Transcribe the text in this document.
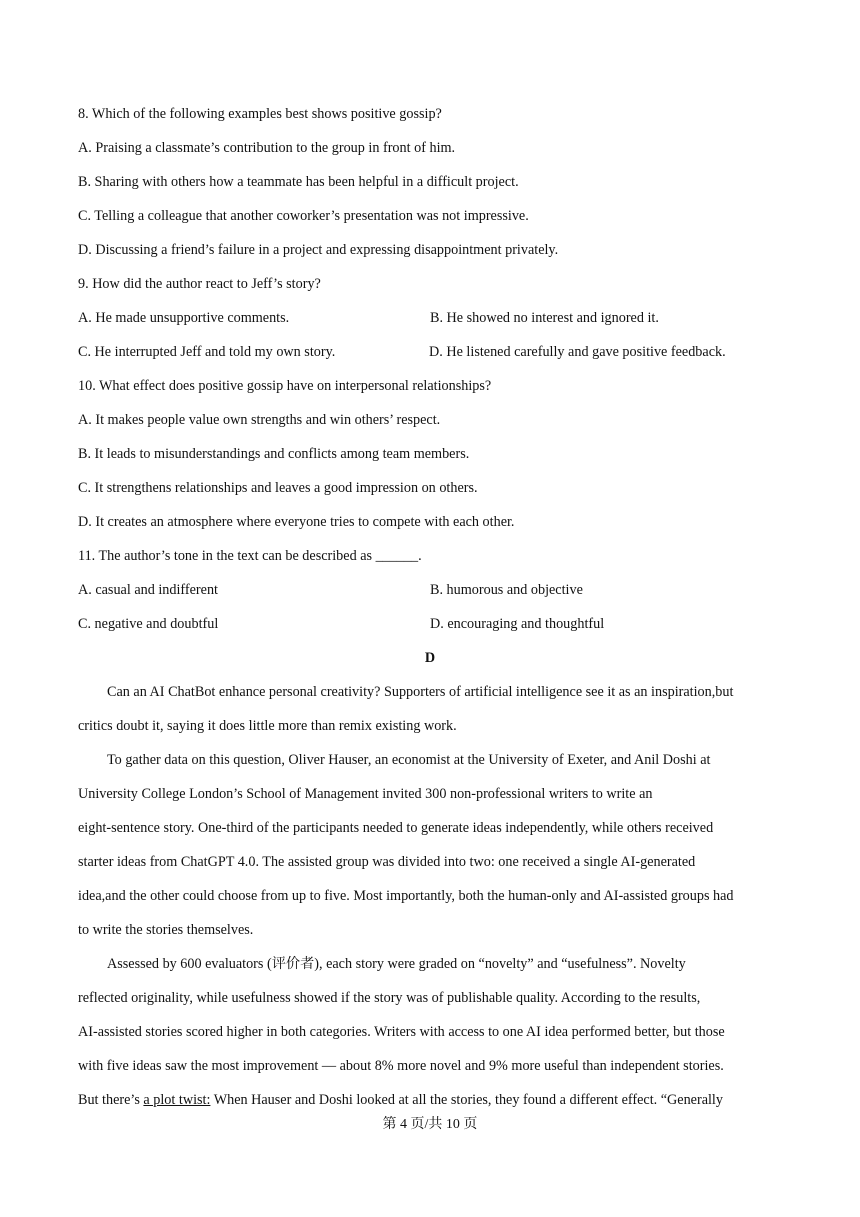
8. Which of the following examples best shows positive gossip?
A. Praising a classmate’s contribution to the group in front of him.
B. Sharing with others how a teammate has been helpful in a difficult project.
C. Telling a colleague that another coworker’s presentation was not impressive.
D. Discussing a friend’s failure in a project and expressing disappointment privately.
9. How did the author react to Jeff’s story?
A. He made unsupportive comments.	B. He showed no interest and ignored it.
C. He interrupted Jeff and told my own story.	D. He listened carefully and gave positive feedback.
10. What effect does positive gossip have on interpersonal relationships?
A. It makes people value own strengths and win others’ respect.
B. It leads to misunderstandings and conflicts among team members.
C. It strengthens relationships and leaves a good impression on others.
D. It creates an atmosphere where everyone tries to compete with each other.
11. The author’s tone in the text can be described as ______.
A. casual and indifferent	B. humorous and objective
C. negative and doubtful	D. encouraging and thoughtful
D
Can an AI ChatBot enhance personal creativity? Supporters of artificial intelligence see it as an inspiration,but
critics doubt it, saying it does little more than remix existing work.
To gather data on this question, Oliver Hauser, an economist at the University of Exeter, and Anil Doshi at
University College London’s School of Management invited 300 non-professional writers to write an
eight-sentence story. One-third of the participants needed to generate ideas independently, while others received
starter ideas from ChatGPT 4.0. The assisted group was divided into two: one received a single AI-generated
idea,and the other could choose from up to five. Most importantly, both the human-only and AI-assisted groups had
to write the stories themselves.
Assessed by 600 evaluators (评价者), each story were graded on “novelty” and “usefulness”. Novelty
reflected originality, while usefulness showed if the story was of publishable quality. According to the results,
AI-assisted stories scored higher in both categories. Writers with access to one AI idea performed better, but those
with five ideas saw the most improvement — about 8% more novel and 9% more useful than independent stories.
But there’s a plot twist: When Hauser and Doshi looked at all the stories, they found a different effect. “Generally
第 4 页/共 10 页
